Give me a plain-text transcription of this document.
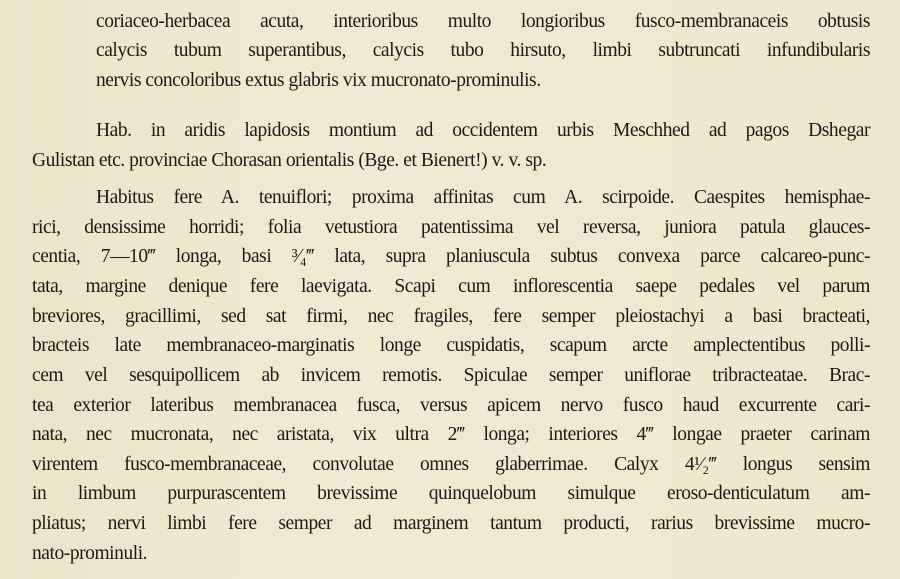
coriaceo-herbacea acuta, interioribus multo longioribus fusco-membranaceis obtusis
calycis tubum superantibus, calycis tubo hirsuto, limbi subtruncati infundibularis
nervis concoloribus extus glabris vix mucronato-prominulis.
Hab. in aridis lapidosis montium ad occidentem urbis Meschhed ad pagos Dshegar
Gulistan etc. provinciae Chorasan orientalis (Bge. et Bienert!) v. v. sp.
Habitus fere A. tenuiflori; proxima affinitas cum A. scirpoide. Caespites hemisphae-
rici, densissime horridi; folia vetustiora patentissima vel reversa, juniora patula glauces-
centia, 7—10‴ longa, basi ³⁄₄‴ lata, supra planiuscula subtus convexa parce calcareo-punc-
tata, margine denique fere laevigata. Scapi cum inflorescentia saepe pedales vel parum
breviores, gracillimi, sed sat firmi, nec fragiles, fere semper pleiostachyi a basi bracteati,
bracteis late membranaceo-marginatis longe cuspidatis, scapum arcte amplectentibus polli-
cem vel sesquipollicem ab invicem remotis. Spiculae semper uniflorae tribracteatae. Brac-
tea exterior lateribus membranacea fusca, versus apicem nervo fusco haud excurrente cari-
nata, nec mucronata, nec aristata, vix ultra 2‴ longa; interiores 4‴ longae praeter carinam
virentem fusco-membranaceae, convolutae omnes glaberrimae. Calyx 4¹⁄₂‴ longus sensim
in limbum purpurascentem brevissime quinquelobum simulque eroso-denticulatum am-
pliatus; nervi limbi fere semper ad marginem tantum producti, rarius brevissime mucro-
nato-prominuli.
